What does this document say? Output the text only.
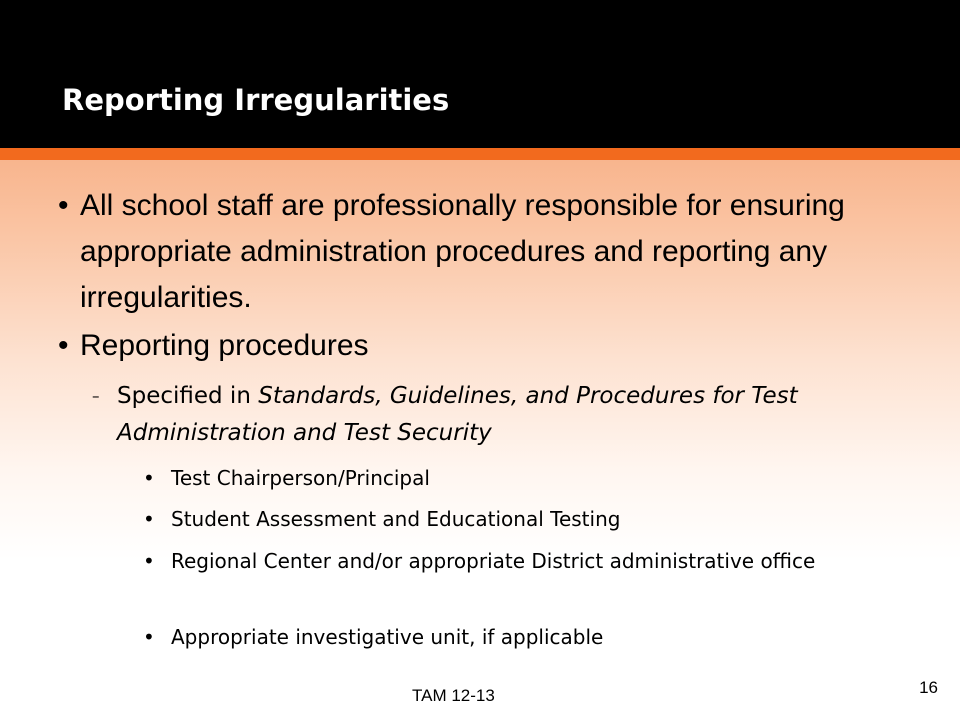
Reporting Irregularities
• All school staff are professionally responsible for ensuring appropriate administration procedures and reporting any irregularities.
• Reporting procedures
– Specified in Standards, Guidelines, and Procedures for Test Administration and Test Security
• Test Chairperson/Principal
• Student Assessment and Educational Testing
• Regional Center and/or appropriate District administrative office
• Appropriate investigative unit, if applicable
TAM 12-13	16
